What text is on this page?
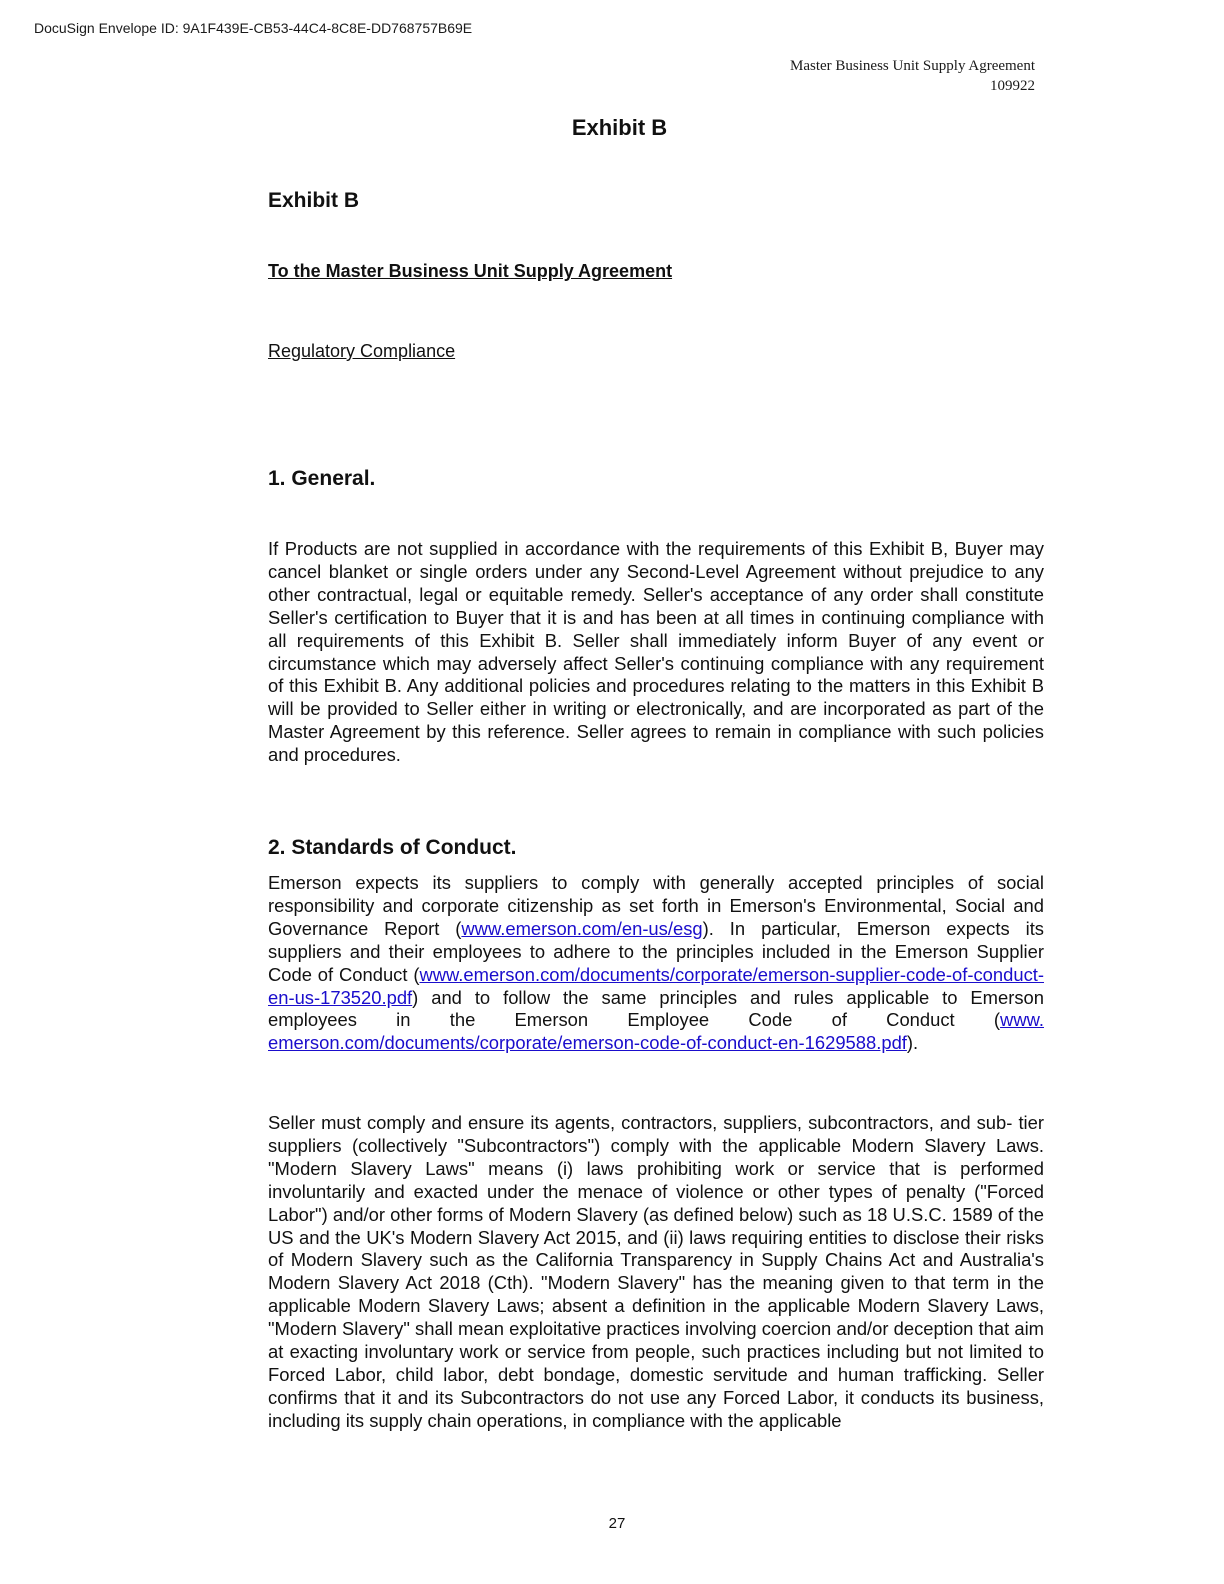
DocuSign Envelope ID: 9A1F439E-CB53-44C4-8C8E-DD768757B69E
Master Business Unit Supply Agreement
109922
Exhibit B
Exhibit B
To the Master Business Unit Supply Agreement
Regulatory Compliance
1. General.

If Products are not supplied in accordance with the requirements of this Exhibit B, Buyer may cancel blanket or single orders under any Second-Level Agreement without prejudice to any other contractual, legal or equitable remedy. Seller's acceptance of any order shall constitute Seller's certification to Buyer that it is and has been at all times in continuing compliance with all requirements of this Exhibit B. Seller shall immediately inform Buyer of any event or circumstance which may adversely affect Seller's continuing compliance with any requirement of this Exhibit B. Any additional policies and procedures relating to the matters in this Exhibit B will be provided to Seller either in writing or electronically, and are incorporated as part of the Master Agreement by this reference. Seller agrees to remain in compliance with such policies and procedures.

2. Standards of Conduct.

Emerson expects its suppliers to comply with generally accepted principles of social responsibility and corporate citizenship as set forth in Emerson's Environmental, Social and Governance Report (www.emerson.com/en-us/esg). In particular, Emerson expects its suppliers and their employees to adhere to the principles included in the Emerson Supplier Code of Conduct (www.emerson.com/documents/corporate/emerson-supplier-code-of-conduct-en-us-173520.pdf) and to follow the same principles and rules applicable to Emerson employees in the Emerson Employee Code of Conduct (www. emerson.com/documents/corporate/emerson-code-of-conduct-en-1629588.pdf).

Seller must comply and ensure its agents, contractors, suppliers, subcontractors, and sub- tier suppliers (collectively "Subcontractors") comply with the applicable Modern Slavery Laws. "Modern Slavery Laws" means (i) laws prohibiting work or service that is performed involuntarily and exacted under the menace of violence or other types of penalty ("Forced Labor") and/or other forms of Modern Slavery (as defined below) such as 18 U.S.C. 1589 of the US and the UK's Modern Slavery Act 2015, and (ii) laws requiring entities to disclose their risks of Modern Slavery such as the California Transparency in Supply Chains Act and Australia's Modern Slavery Act 2018 (Cth). "Modern Slavery" has the meaning given to that term in the applicable Modern Slavery Laws; absent a definition in the applicable Modern Slavery Laws, "Modern Slavery" shall mean exploitative practices involving coercion and/or deception that aim at exacting involuntary work or service from people, such practices including but not limited to Forced Labor, child labor, debt bondage, domestic servitude and human trafficking. Seller confirms that it and its Subcontractors do not use any Forced Labor, it conducts its business, including its supply chain operations, in compliance with the applicable

27
